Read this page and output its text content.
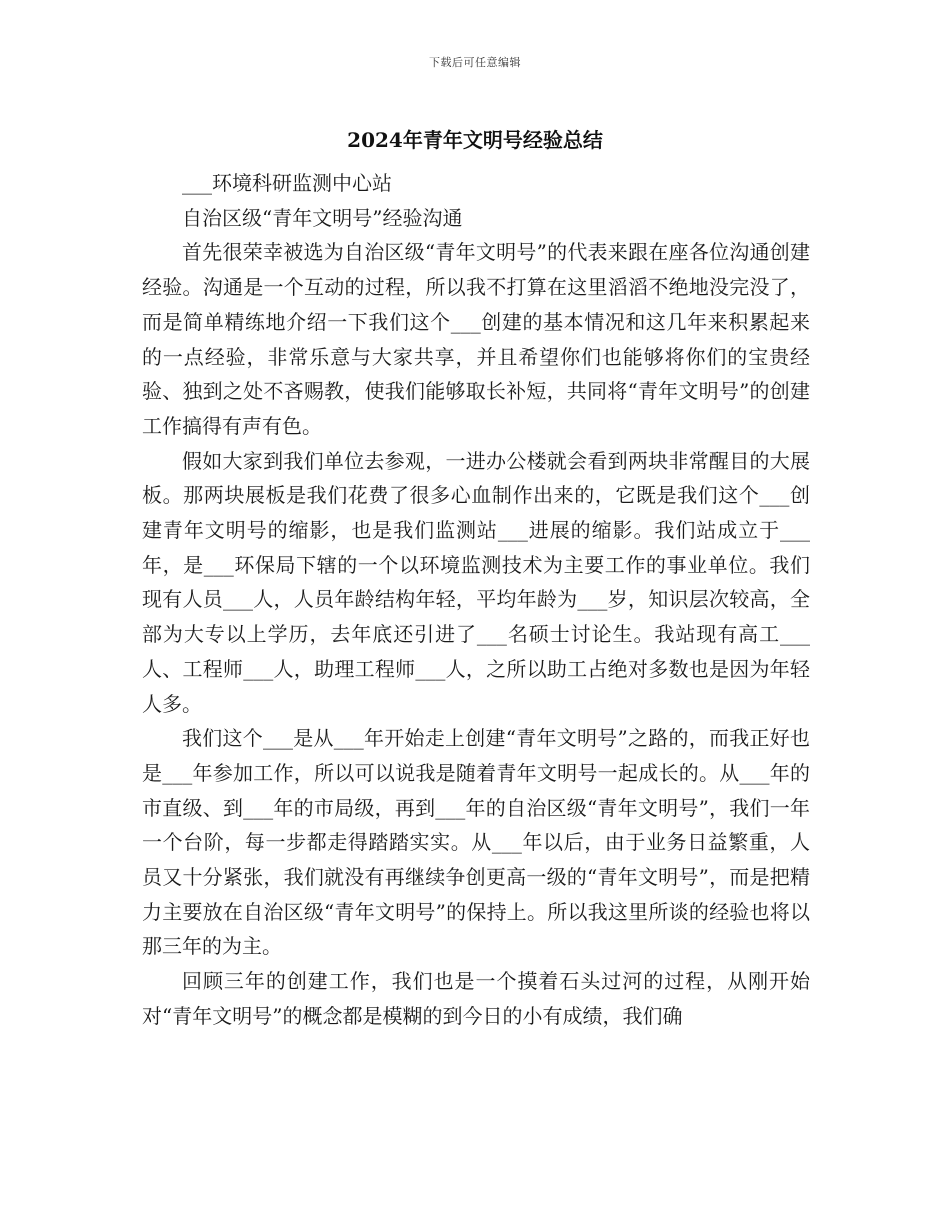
下载后可任意编辑
2024年青年文明号经验总结

___环境科研监测中心站

自治区级“青年文明号”经验沟通

首先很荣幸被选为自治区级“青年文明号”的代表来跟在座各位沟通创建经验。沟通是一个互动的过程，所以我不打算在这里滔滔不绝地没完没了，而是简单精练地介绍一下我们这个___创建的基本情况和这几年来积累起来的一点经验，非常乐意与大家共享，并且希望你们也能够将你们的宝贵经验、独到之处不吝赐教，使我们能够取长补短，共同将“青年文明号”的创建工作搞得有声有色。

假如大家到我们单位去参观，一进办公楼就会看到两块非常醒目的大展板。那两块展板是我们花费了很多心血制作出来的，它既是我们这个___创建青年文明号的缩影，也是我们监测站___进展的缩影。我们站成立于___年，是___环保局下辖的一个以环境监测技术为主要工作的事业单位。我们现有人员___人，人员年龄结构年轻，平均年龄为___岁，知识层次较高，全部为大专以上学历，去年底还引进了___名硕士讨论生。我站现有高工___人、工程师___人，助理工程师___人，之所以助工占绝对多数也是因为年轻人多。

我们这个___是从___年开始走上创建“青年文明号”之路的，而我正好也是___年参加工作，所以可以说我是随着青年文明号一起成长的。从___年的市直级、到___年的市局级，再到___年的自治区级“青年文明号”，我们一年一个台阶，每一步都走得踏踏实实。从___年以后，由于业务日益繁重，人员又十分紧张，我们就没有再继续争创更高一级的“青年文明号”，而是把精力主要放在自治区级“青年文明号”的保持上。所以我这里所谈的经验也将以那三年的为主。

回顾三年的创建工作，我们也是一个摸着石头过河的过程，从刚开始对“青年文明号”的概念都是模糊的到今日的小有成绩，我们确
